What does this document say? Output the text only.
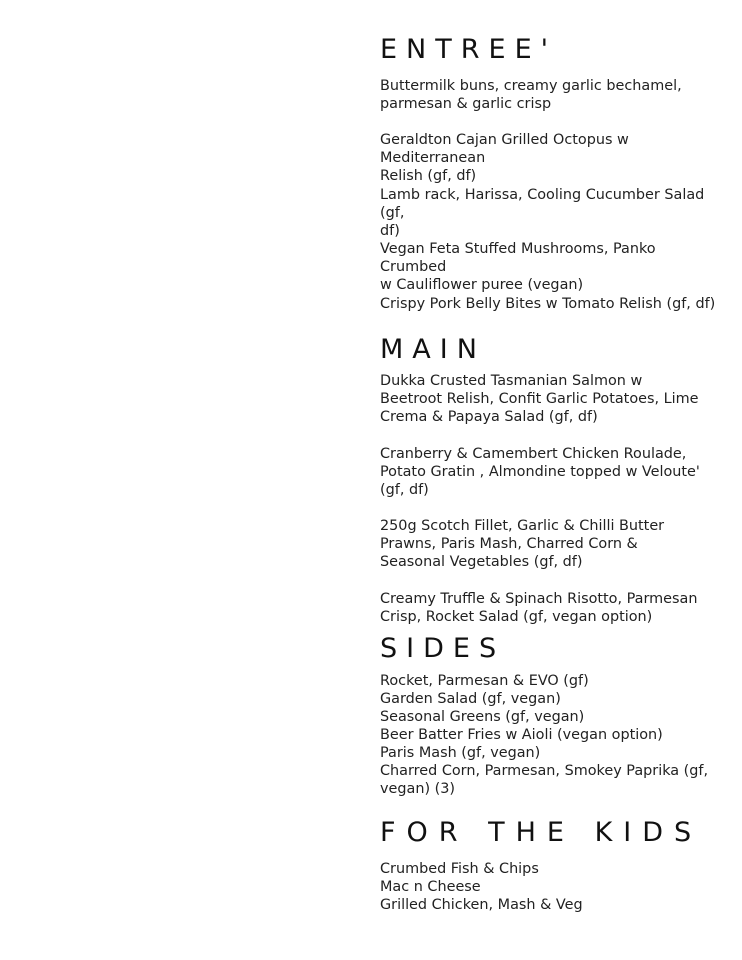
ENTREE'

Buttermilk buns, creamy garlic bechamel,
parmesan & garlic crisp

Geraldton Cajan Grilled Octopus w Mediterranean
Relish (gf, df)

Lamb rack, Harissa, Cooling Cucumber Salad (gf,
df)

Vegan Feta Stuffed Mushrooms, Panko Crumbed
w Cauliflower puree (vegan)

Crispy Pork Belly Bites w Tomato Relish (gf, df)

MAIN

Dukka Crusted Tasmanian Salmon w
Beetroot Relish, Confit Garlic Potatoes, Lime
Crema & Papaya Salad (gf, df)

Cranberry & Camembert Chicken Roulade,
Potato Gratin , Almondine topped w Veloute'
(gf, df)

250g Scotch Fillet, Garlic & Chilli Butter
Prawns, Paris Mash, Charred Corn &
Seasonal Vegetables (gf, df)

Creamy Truffle & Spinach Risotto, Parmesan
Crisp, Rocket Salad (gf, vegan option)

SIDES
Rocket, Parmesan & EVO (gf)
Garden Salad (gf, vegan)
Seasonal Greens (gf, vegan)
Beer Batter Fries w Aioli (vegan option)
Paris Mash (gf, vegan)
Charred Corn, Parmesan, Smokey Paprika (gf,
vegan) (3)
FOR THE KIDS
Crumbed Fish & Chips
Mac n Cheese
Grilled Chicken, Mash & Veg
